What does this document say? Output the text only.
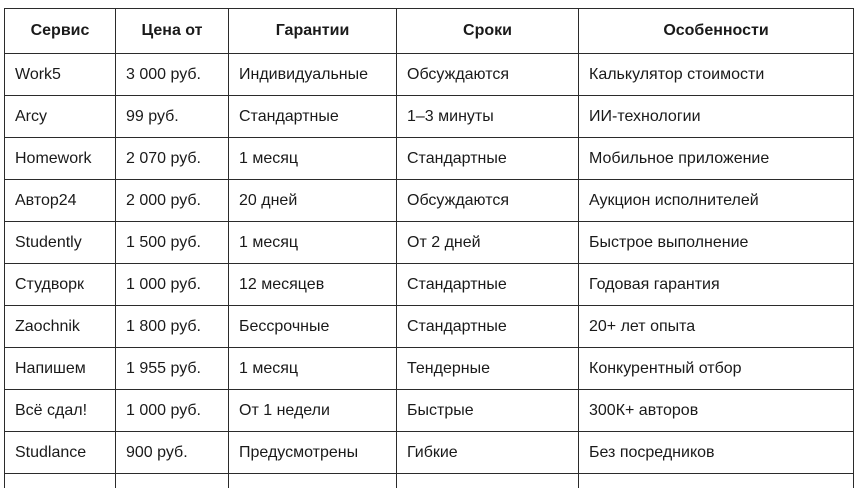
Сервис	Цена от	Гарантии	Сроки	Особенности
Work5	3 000 руб.	Индивидуальные	Обсуждаются	Калькулятор стоимости
Arcy	99 руб.	Стандартные	1–3 минуты	ИИ-технологии
Homework	2 070 руб.	1 месяц	Стандартные	Мобильное приложение
Автор24	2 000 руб.	20 дней	Обсуждаются	Аукцион исполнителей
Studently	1 500 руб.	1 месяц	От 2 дней	Быстрое выполнение
Студворк	1 000 руб.	12 месяцев	Стандартные	Годовая гарантия
Zaochnik	1 800 руб.	Бессрочные	Стандартные	20+ лет опыта
Напишем	1 955 руб.	1 месяц	Тендерные	Конкурентный отбор
Всё сдал!	1 000 руб.	От 1 недели	Быстрые	300К+ авторов
Studlance	900 руб.	Предусмотрены	Гибкие	Без посредников
